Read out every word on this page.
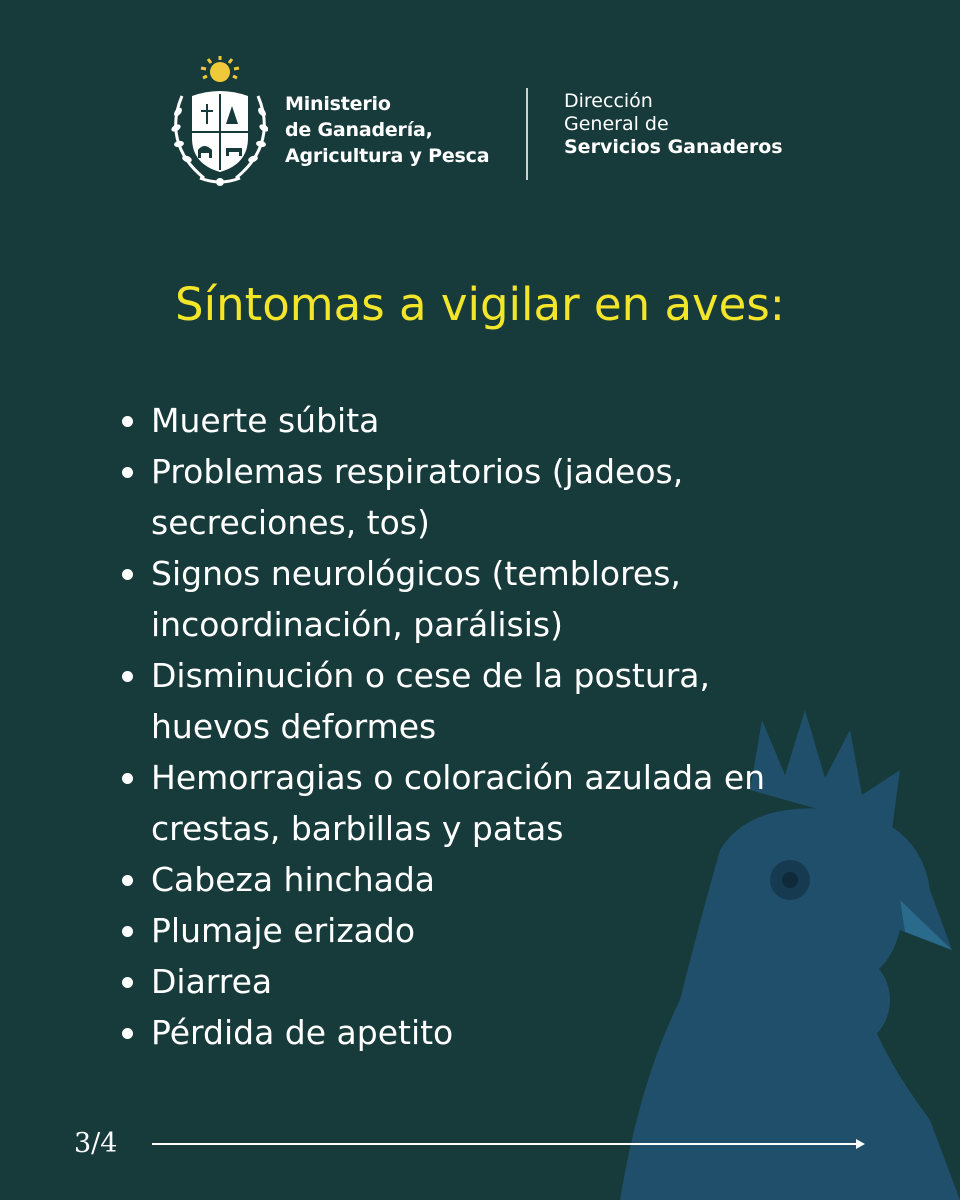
Ministerio
de Ganadería,
Agricultura y Pesca
Dirección
General de
Servicios Ganaderos
Síntomas a vigilar en aves:
Muerte súbita
Problemas respiratorios (jadeos,
secreciones, tos)
Signos neurológicos (temblores,
incoordinación, parálisis)
Disminución o cese de la postura,
huevos deformes
Hemorragias o coloración azulada en
crestas, barbillas y patas
Cabeza hinchada
Plumaje erizado
Diarrea
Pérdida de apetito
3/4
